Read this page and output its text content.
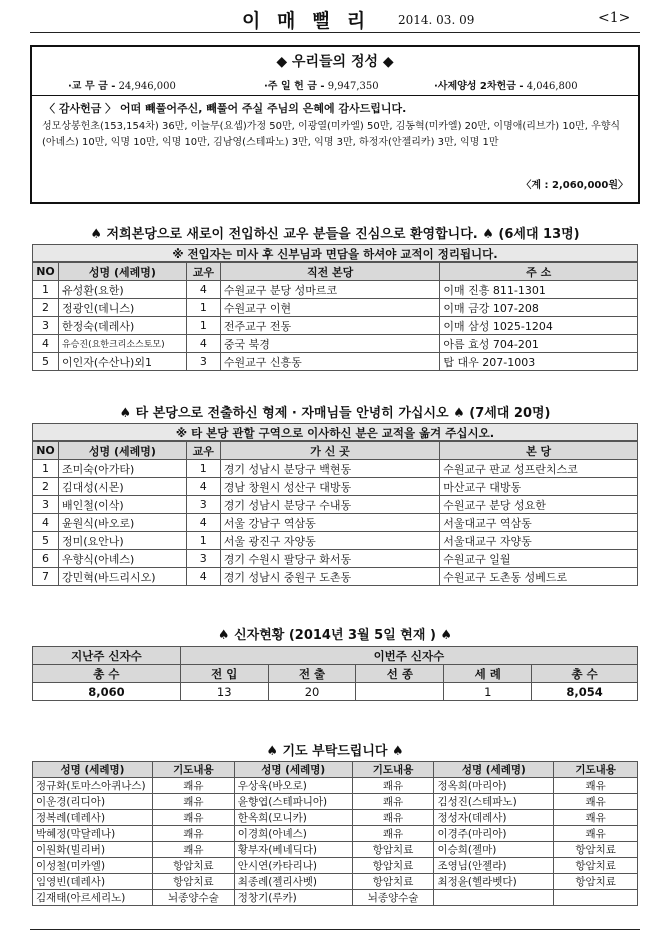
이 매 뻘 리 2014. 03. 09	<1>
◆ 우리들의 정성 ◆
·교 무 금 - 24,946,000	·주 일 헌 금 - 9,947,350	·사제양성 2차헌금 - 4,046,800
〈 감사헌금 〉 어떠 빼풀어주신, 빼풀어 주실 주님의 은혜에 감사드립니다.
성모상봉헌초(153,154차) 36만, 이늘무(요셉)가정 50만, 이광열(미카엘) 50만, 김동혁(미카엘) 20만, 이명애(리브가) 10만, 우향식(아녜스) 10만, 익명 10만, 익명 10만, 김남영(스테파노) 3만, 익명 3만, 하정자(안젤리카) 3만, 익명 1만
〈계 : 2,060,000원〉
♠ 저희본당으로 새로이 전입하신 교우 분들을 진심으로 환영합니다. ♠ (6세대 13명)
※ 전입자는 미사 후 신부님과 면담을 하셔야 교적이 정리됩니다.
NO	성명 (세례명)	교우	직전 본당	주 소
1	유성환(요한)	4	수원교구 분당 성마르코	이매 진흥 811-1301
2	정광인(데니스)	1	수원교구 이현	이매 금강 107-208
3	한정숙(데레사)	1	전주교구 전동	이매 삼성 1025-1204
4	유승진(요한크리소스토모)	4	중국 북경	아름 효성 704-201
5	이인자(수산나)외1	3	수원교구 신흥동	탑 대우 207-1003
♠ 타 본당으로 전출하신 형제 · 자매님들 안녕히 가십시오 ♠ (7세대 20명)
※ 타 본당 관할 구역으로 이사하신 분은 교적을 옮겨 주십시오.
NO	성명 (세례명)	교우	가 신 곳	본 당
1	조미숙(아가타)	1	경기 성남시 분당구 백현동	수원교구 판교 성프란치스코
2	김대성(시몬)	4	경남 창원시 성산구 대방동	마산교구 대방동
3	배인철(이삭)	3	경기 성남시 분당구 수내동	수원교구 분당 성요한
4	윤원식(바오로)	4	서울 강남구 역삼동	서울대교구 역삼동
5	정미(요안나)	1	서울 광진구 자양동	서울대교구 자양동
6	우향식(아녜스)	3	경기 수원시 팔당구 화서동	수원교구 일월
7	강민혁(바드리시오)	4	경기 성남시 중원구 도촌동	수원교구 도촌동 성베드로
♠ 신자현황 (2014년 3월 5일 현재 ) ♠
지난주 신자수	이번주 신자수				
총 수	전 입	전 출	선 종	세 례	총 수
8,060	13	20		1	8,054
♠ 기도 부탁드립니다 ♠
성명 (세례명)	기도내용	성명 (세례명)	기도내용	성명 (세례명)	기도내용
정규화(토마스아퀴나스)	쾌유	우상욱(바오로)	쾌유	정옥희(마리아)	쾌유
이운경(리디아)	쾌유	윤향엽(스테파니아)	쾌유	김성진(스테파노)	쾌유
정복례(데레사)	쾌유	한옥희(모니카)	쾌유	정성자(데레사)	쾌유
박혜정(막달레나)	쾌유	이경희(아녜스)	쾌유	이경주(마리아)	쾌유
이원화(빌리버)	쾌유	황부자(베네딕다)	항암치료	이승희(젤마)	항암치료
이성철(미카엘)	항암치료	안시연(카타리나)	항암치료	조영님(안젤라)	항암치료
임영빈(데레사)	항암치료	최종례(젤리사벳)	항암치료	최정윤(헬라벳다)	항암치료
김재태(아르세리노)	뇌종양수술	정창기(루카)	뇌종양수술		
